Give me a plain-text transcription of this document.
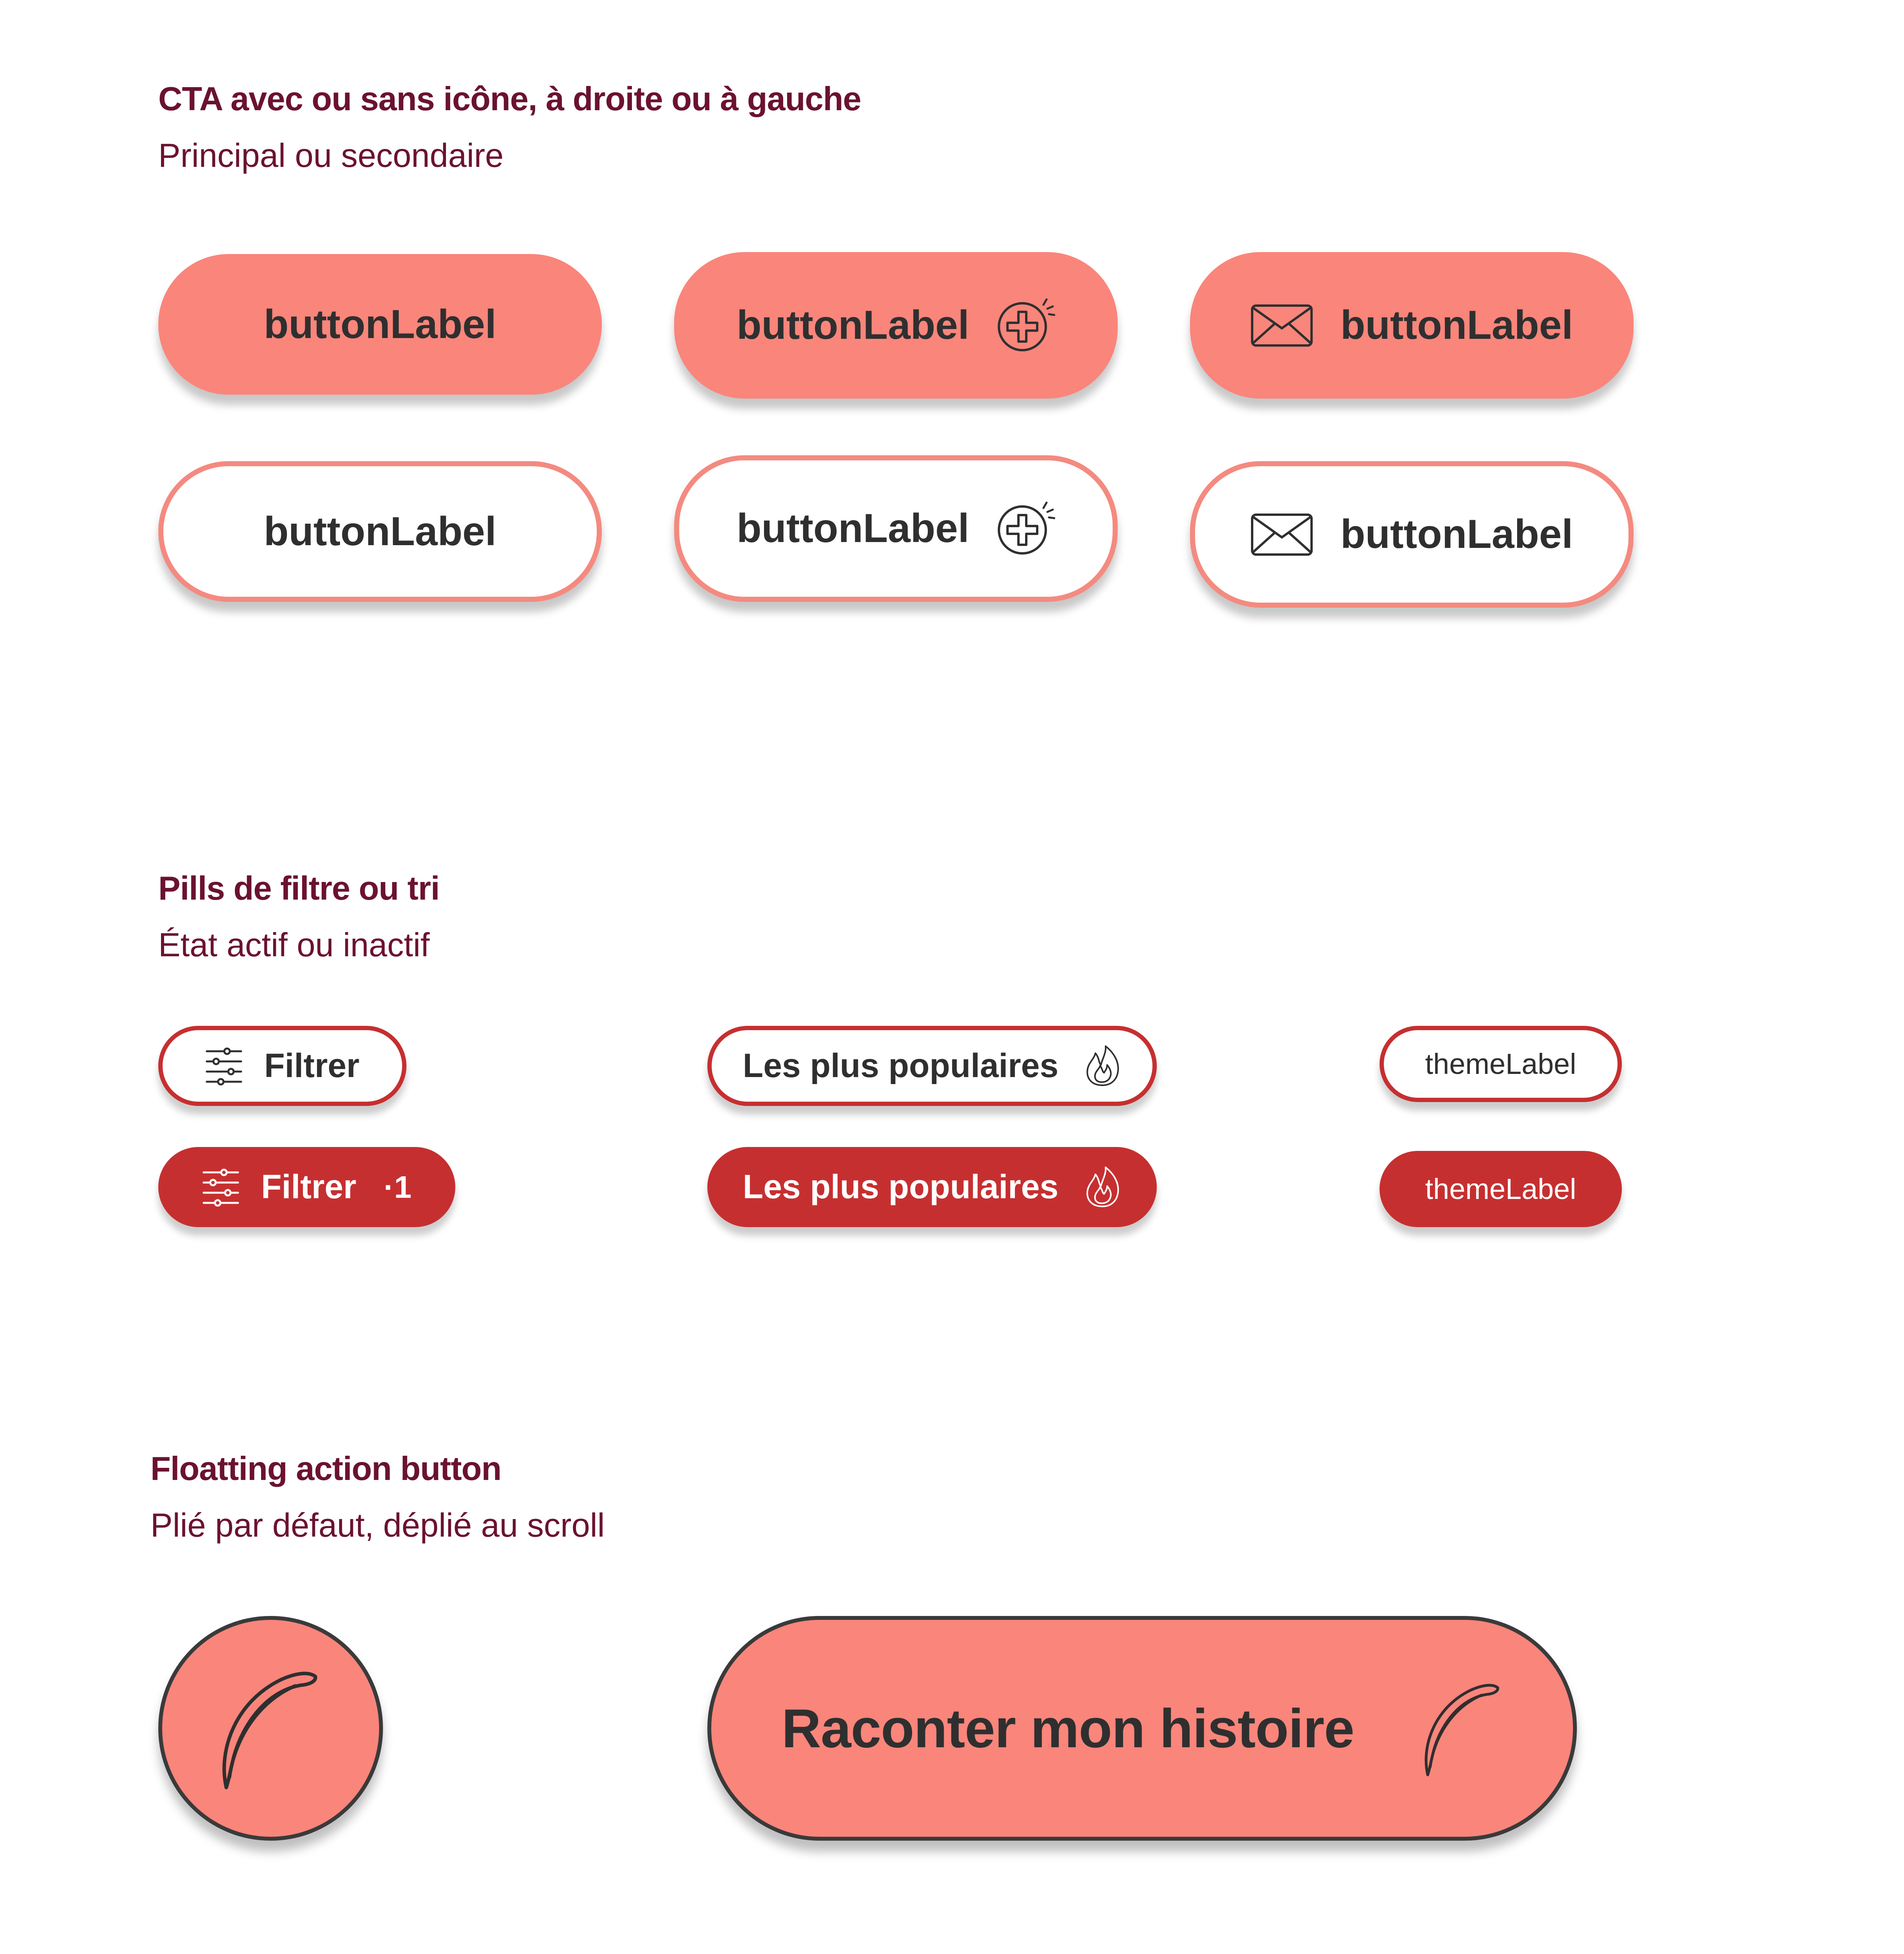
CTA avec ou sans icône, à droite ou à gauche
Principal ou secondaire
buttonLabel	buttonLabel	buttonLabel
buttonLabel	buttonLabel	buttonLabel
Pills de filtre ou tri
État actif ou inactif
Filtrer
Filtrer ·1
Les plus populaires
Les plus populaires
themeLabel
themeLabel
Floatting action button
Plié par défaut, déplié au scroll
Raconter mon histoire
